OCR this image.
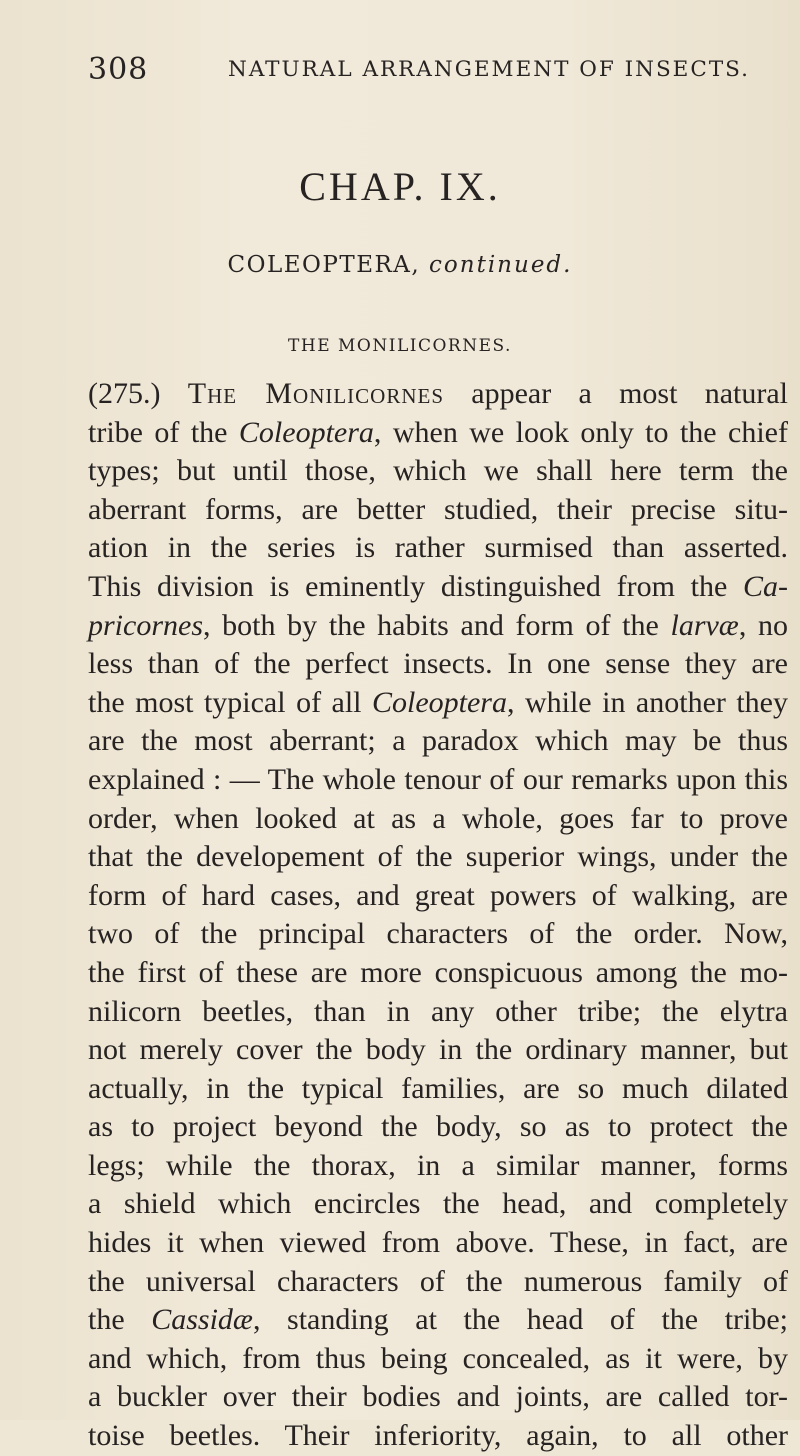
308	NATURAL ARRANGEMENT OF INSECTS.
CHAP. IX.
COLEOPTERA, continued.
THE MONILICORNES.
(275.) The Monilicornes appear a most natural
tribe of the Coleoptera, when we look only to the chief
types; but until those, which we shall here term the
aberrant forms, are better studied, their precise situ-
ation in the series is rather surmised than asserted.
This division is eminently distinguished from the Ca-
pricornes, both by the habits and form of the larvæ, no
less than of the perfect insects. In one sense they are
the most typical of all Coleoptera, while in another they
are the most aberrant; a paradox which may be thus
explained : — The whole tenour of our remarks upon this
order, when looked at as a whole, goes far to prove
that the developement of the superior wings, under the
form of hard cases, and great powers of walking, are
two of the principal characters of the order. Now,
the first of these are more conspicuous among the mo-
nilicorn beetles, than in any other tribe; the elytra
not merely cover the body in the ordinary manner, but
actually, in the typical families, are so much dilated
as to project beyond the body, so as to protect the
legs; while the thorax, in a similar manner, forms
a shield which encircles the head, and completely
hides it when viewed from above. These, in fact, are
the universal characters of the numerous family of
the Cassidæ, standing at the head of the tribe;
and which, from thus being concealed, as it were, by
a buckler over their bodies and joints, are called tor-
toise beetles. Their inferiority, again, to all other
